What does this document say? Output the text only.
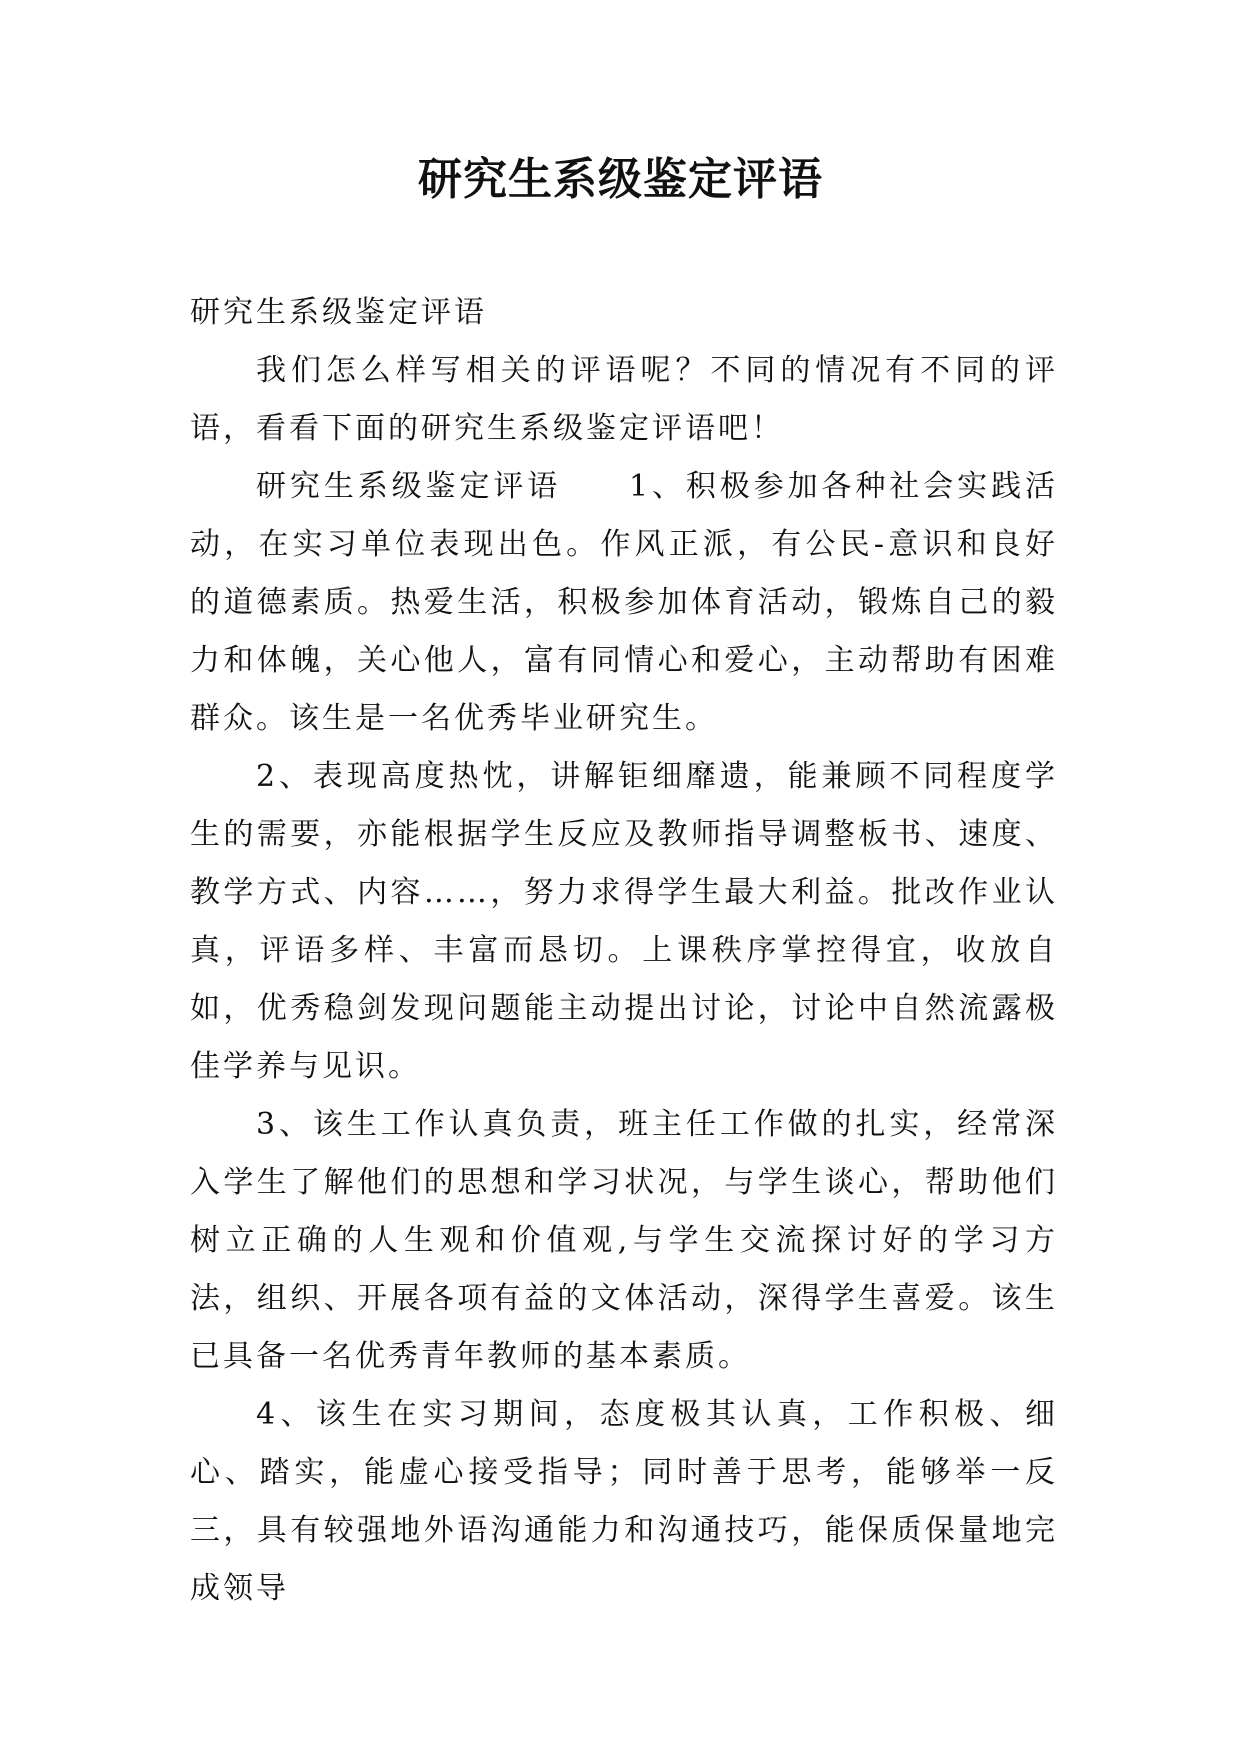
研究生系级鉴定评语

研究生系级鉴定评语

我们怎么样写相关的评语呢？不同的情况有不同的评语，看看下面的研究生系级鉴定评语吧！

研究生系级鉴定评语　　1、积极参加各种社会实践活动，在实习单位表现出色。作风正派，有公民-意识和良好的道德素质。热爱生活，积极参加体育活动，锻炼自己的毅力和体魄，关心他人，富有同情心和爱心，主动帮助有困难群众。该生是一名优秀毕业研究生。

2、表现高度热忱，讲解钜细靡遗，能兼顾不同程度学生的需要，亦能根据学生反应及教师指导调整板书、速度、教学方式、内容……，努力求得学生最大利益。批改作业认真，评语多样、丰富而恳切。上课秩序掌控得宜，收放自如，优秀稳剑发现问题能主动提出讨论，讨论中自然流露极佳学养与见识。

3、该生工作认真负责，班主任工作做的扎实，经常深入学生了解他们的思想和学习状况，与学生谈心，帮助他们树立正确的人生观和价值观,与学生交流探讨好的学习方法，组织、开展各项有益的文体活动，深得学生喜爱。该生已具备一名优秀青年教师的基本素质。

4、该生在实习期间，态度极其认真，工作积极、细心、踏实，能虚心接受指导；同时善于思考，能够举一反三，具有较强地外语沟通能力和沟通技巧，能保质保量地完成领导
